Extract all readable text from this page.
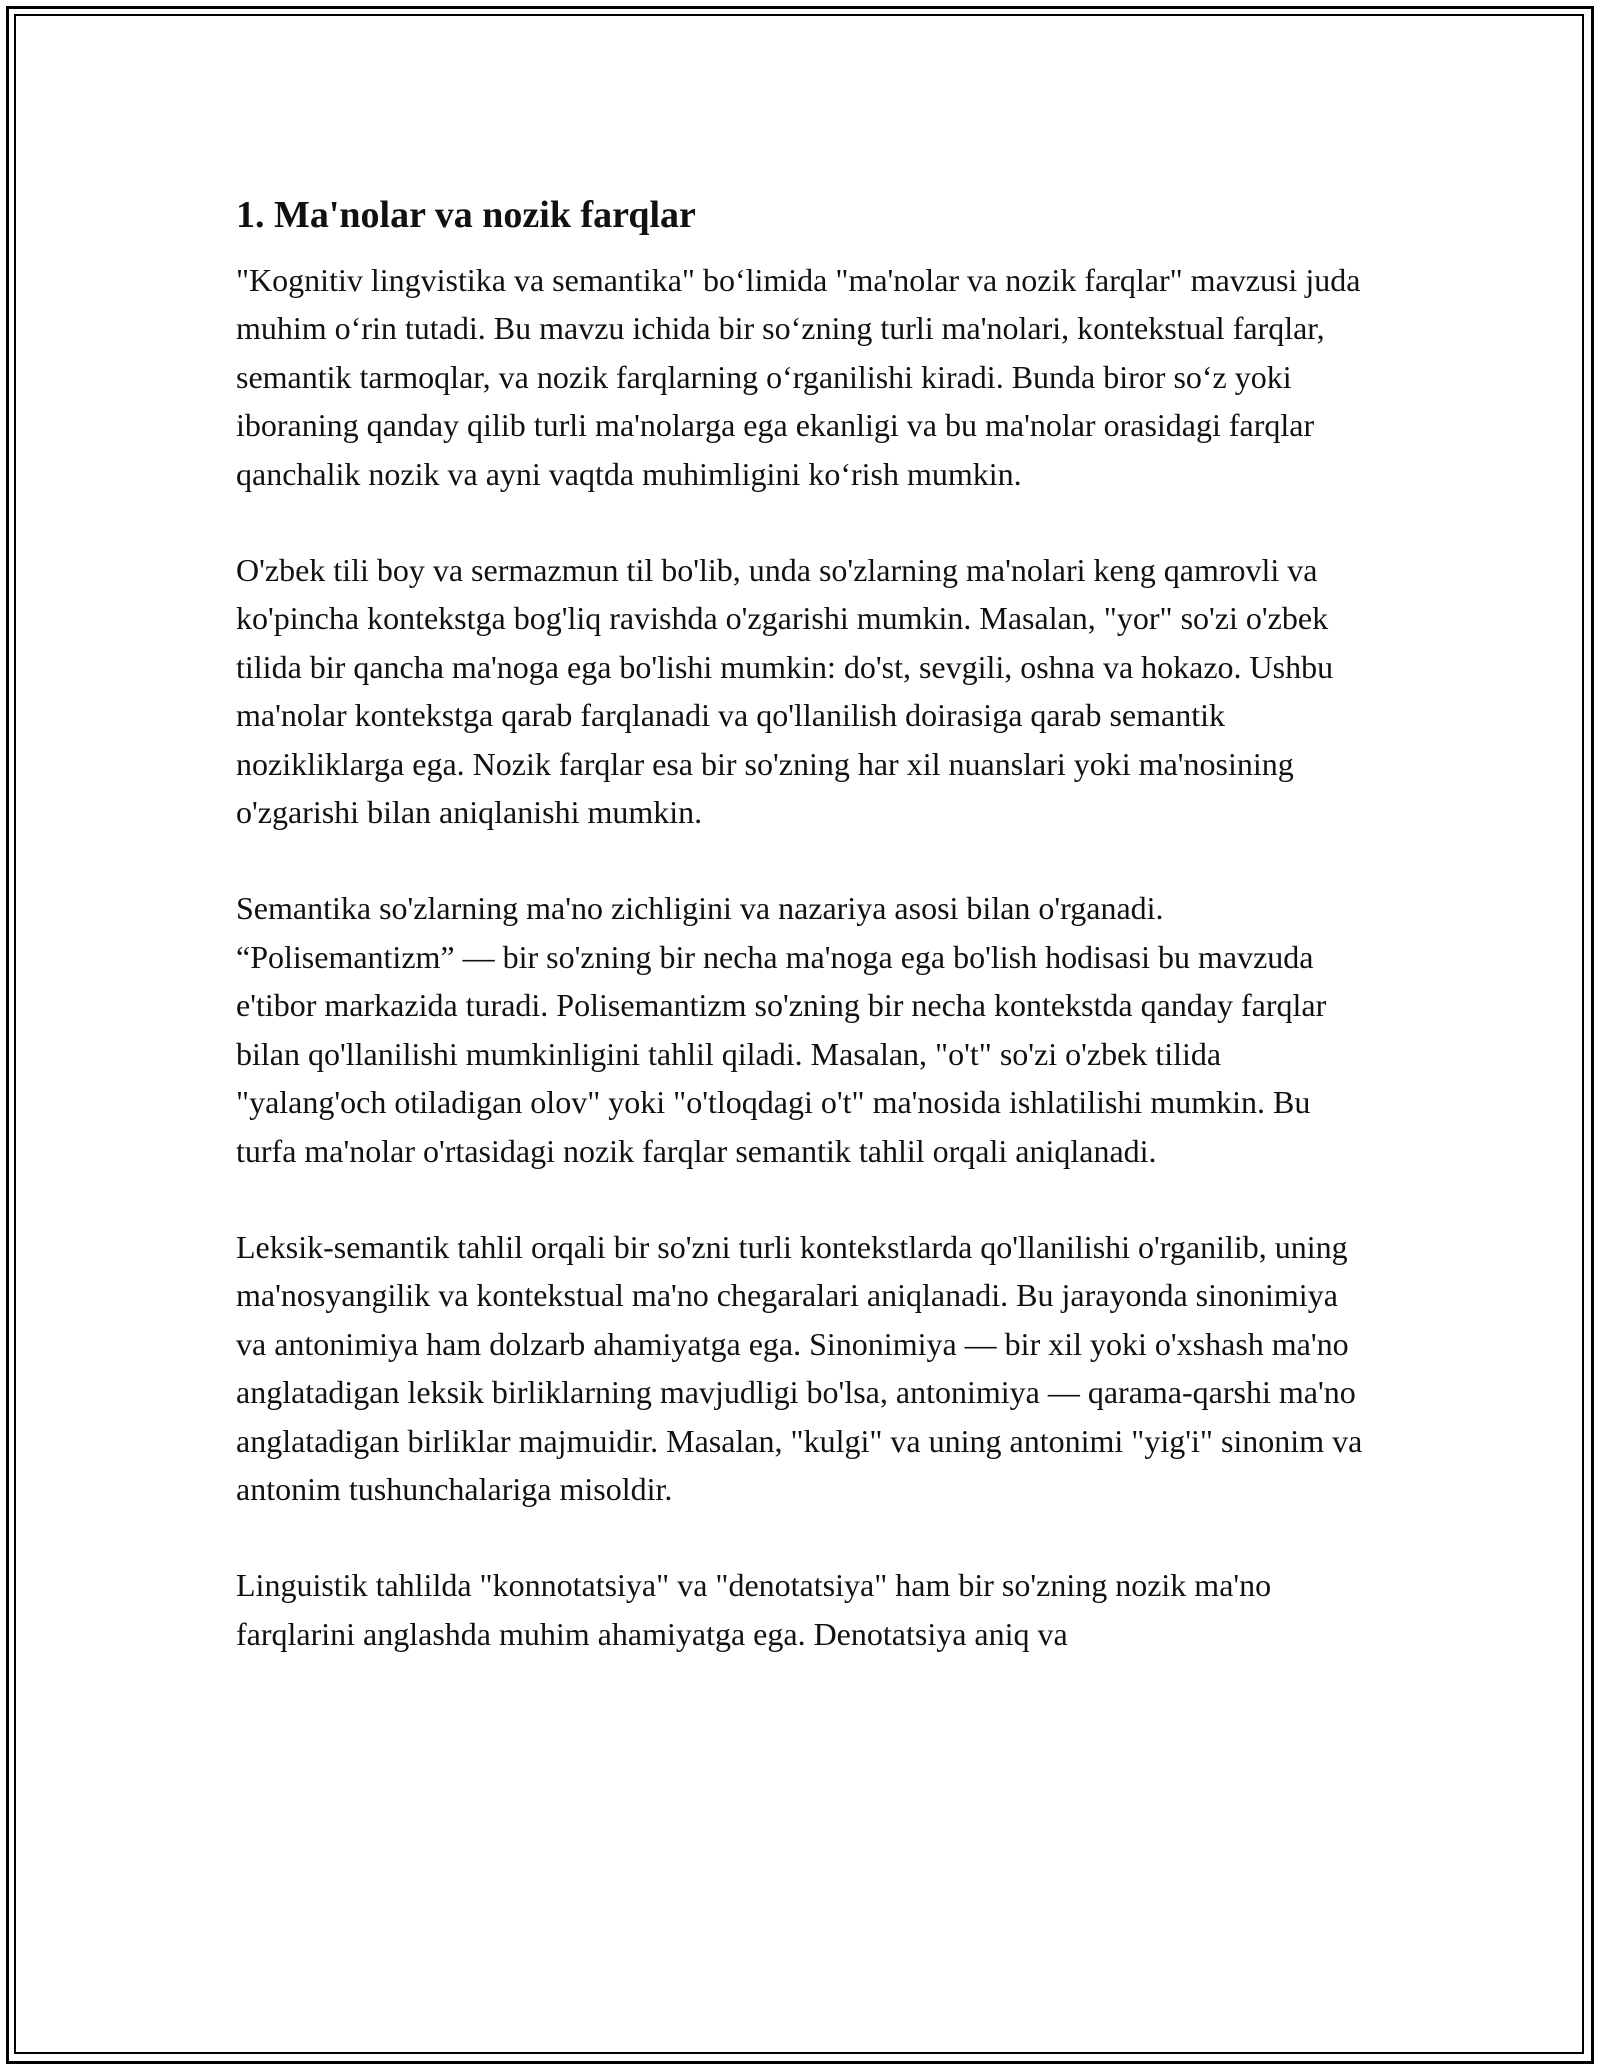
1. Ma'nolar va nozik farqlar

"Kognitiv lingvistika va semantika" bo‘limida "ma'nolar va nozik farqlar" mavzusi juda muhim o‘rin tutadi. Bu mavzu ichida bir so‘zning turli ma'nolari, kontekstual farqlar, semantik tarmoqlar, va nozik farqlarning o‘rganilishi kiradi. Bunda biror so‘z yoki iboraning qanday qilib turli ma'nolarga ega ekanligi va bu ma'nolar orasidagi farqlar qanchalik nozik va ayni vaqtda muhimligini ko‘rish mumkin.

O'zbek tili boy va sermazmun til bo'lib, unda so'zlarning ma'nolari keng qamrovli va ko'pincha kontekstga bog'liq ravishda o'zgarishi mumkin. Masalan, "yor" so'zi o'zbek tilida bir qancha ma'noga ega bo'lishi mumkin: do'st, sevgili, oshna va hokazo. Ushbu ma'nolar kontekstga qarab farqlanadi va qo'llanilish doirasiga qarab semantik nozikliklarga ega. Nozik farqlar esa bir so'zning har xil nuanslari yoki ma'nosining o'zgarishi bilan aniqlanishi mumkin.

Semantika so'zlarning ma'no zichligini va nazariya asosi bilan o'rganadi. “Polisemantizm” — bir so'zning bir necha ma'noga ega bo'lish hodisasi bu mavzuda e'tibor markazida turadi. Polisemantizm so'zning bir necha kontekstda qanday farqlar bilan qo'llanilishi mumkinligini tahlil qiladi. Masalan, "o't" so'zi o'zbek tilida "yalang'och otiladigan olov" yoki "o'tloqdagi o't" ma'nosida ishlatilishi mumkin. Bu turfa ma'nolar o'rtasidagi nozik farqlar semantik tahlil orqali aniqlanadi.

Leksik-semantik tahlil orqali bir so'zni turli kontekstlarda qo'llanilishi o'rganilib, uning ma'nosyangilik va kontekstual ma'no chegaralari aniqlanadi. Bu jarayonda sinonimiya va antonimiya ham dolzarb ahamiyatga ega. Sinonimiya — bir xil yoki o'xshash ma'no anglatadigan leksik birliklarning mavjudligi bo'lsa, antonimiya — qarama-qarshi ma'no anglatadigan birliklar majmuidir. Masalan, "kulgi" va uning antonimi "yig'i" sinonim va antonim tushunchalariga misoldir.

Linguistik tahlilda "konnotatsiya" va "denotatsiya" ham bir so'zning nozik ma'no farqlarini anglashda muhim ahamiyatga ega. Denotatsiya aniq va
